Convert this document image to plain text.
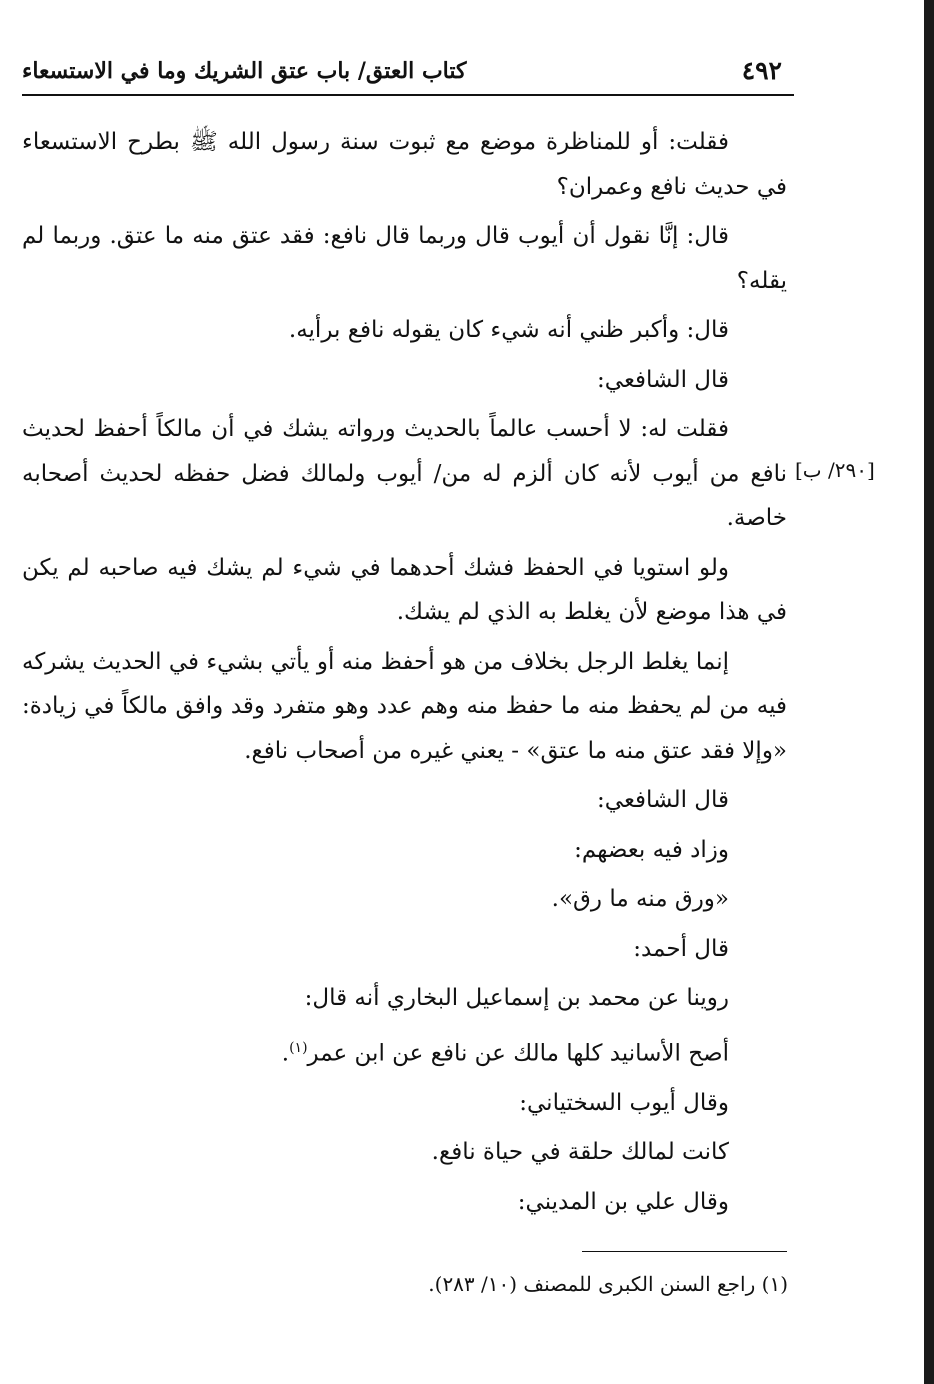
٤٩٢
كتاب العتق/ باب عتق الشريك وما في الاستسعاء
[٢٩٠/ ب]

فقلت: أو للمناظرة موضع مع ثبوت سنة رسول الله ﷺ بطرح الاستسعاء في حديث نافع وعمران؟

قال: إنَّا نقول أن أيوب قال وربما قال نافع: فقد عتق منه ما عتق. وربما لم يقله؟

قال: وأكبر ظني أنه شيء كان يقوله نافع برأيه.

قال الشافعي:

فقلت له: لا أحسب عالماً بالحديث ورواته يشك في أن مالكاً أحفظ لحديث نافع من أيوب لأنه كان ألزم له من/ أيوب ولمالك فضل حفظه لحديث أصحابه خاصة.

ولو استويا في الحفظ فشك أحدهما في شيء لم يشك فيه صاحبه لم يكن في هذا موضع لأن يغلط به الذي لم يشك.

إنما يغلط الرجل بخلاف من هو أحفظ منه أو يأتي بشيء في الحديث يشركه فيه من لم يحفظ منه ما حفظ منه وهم عدد وهو متفرد وقد وافق مالكاً في زيادة: «وإلا فقد عتق منه ما عتق» - يعني غيره من أصحاب نافع.

قال الشافعي:

وزاد فيه بعضهم:

«ورق منه ما رق».

قال أحمد:

روينا عن محمد بن إسماعيل البخاري أنه قال:

أصح الأسانيد كلها مالك عن نافع عن ابن عمر$^{(١)}$.

وقال أيوب السختياني:

كانت لمالك حلقة في حياة نافع.

وقال علي بن المديني:

(١) راجع السنن الكبرى للمصنف (١٠/ ٢٨٣).
